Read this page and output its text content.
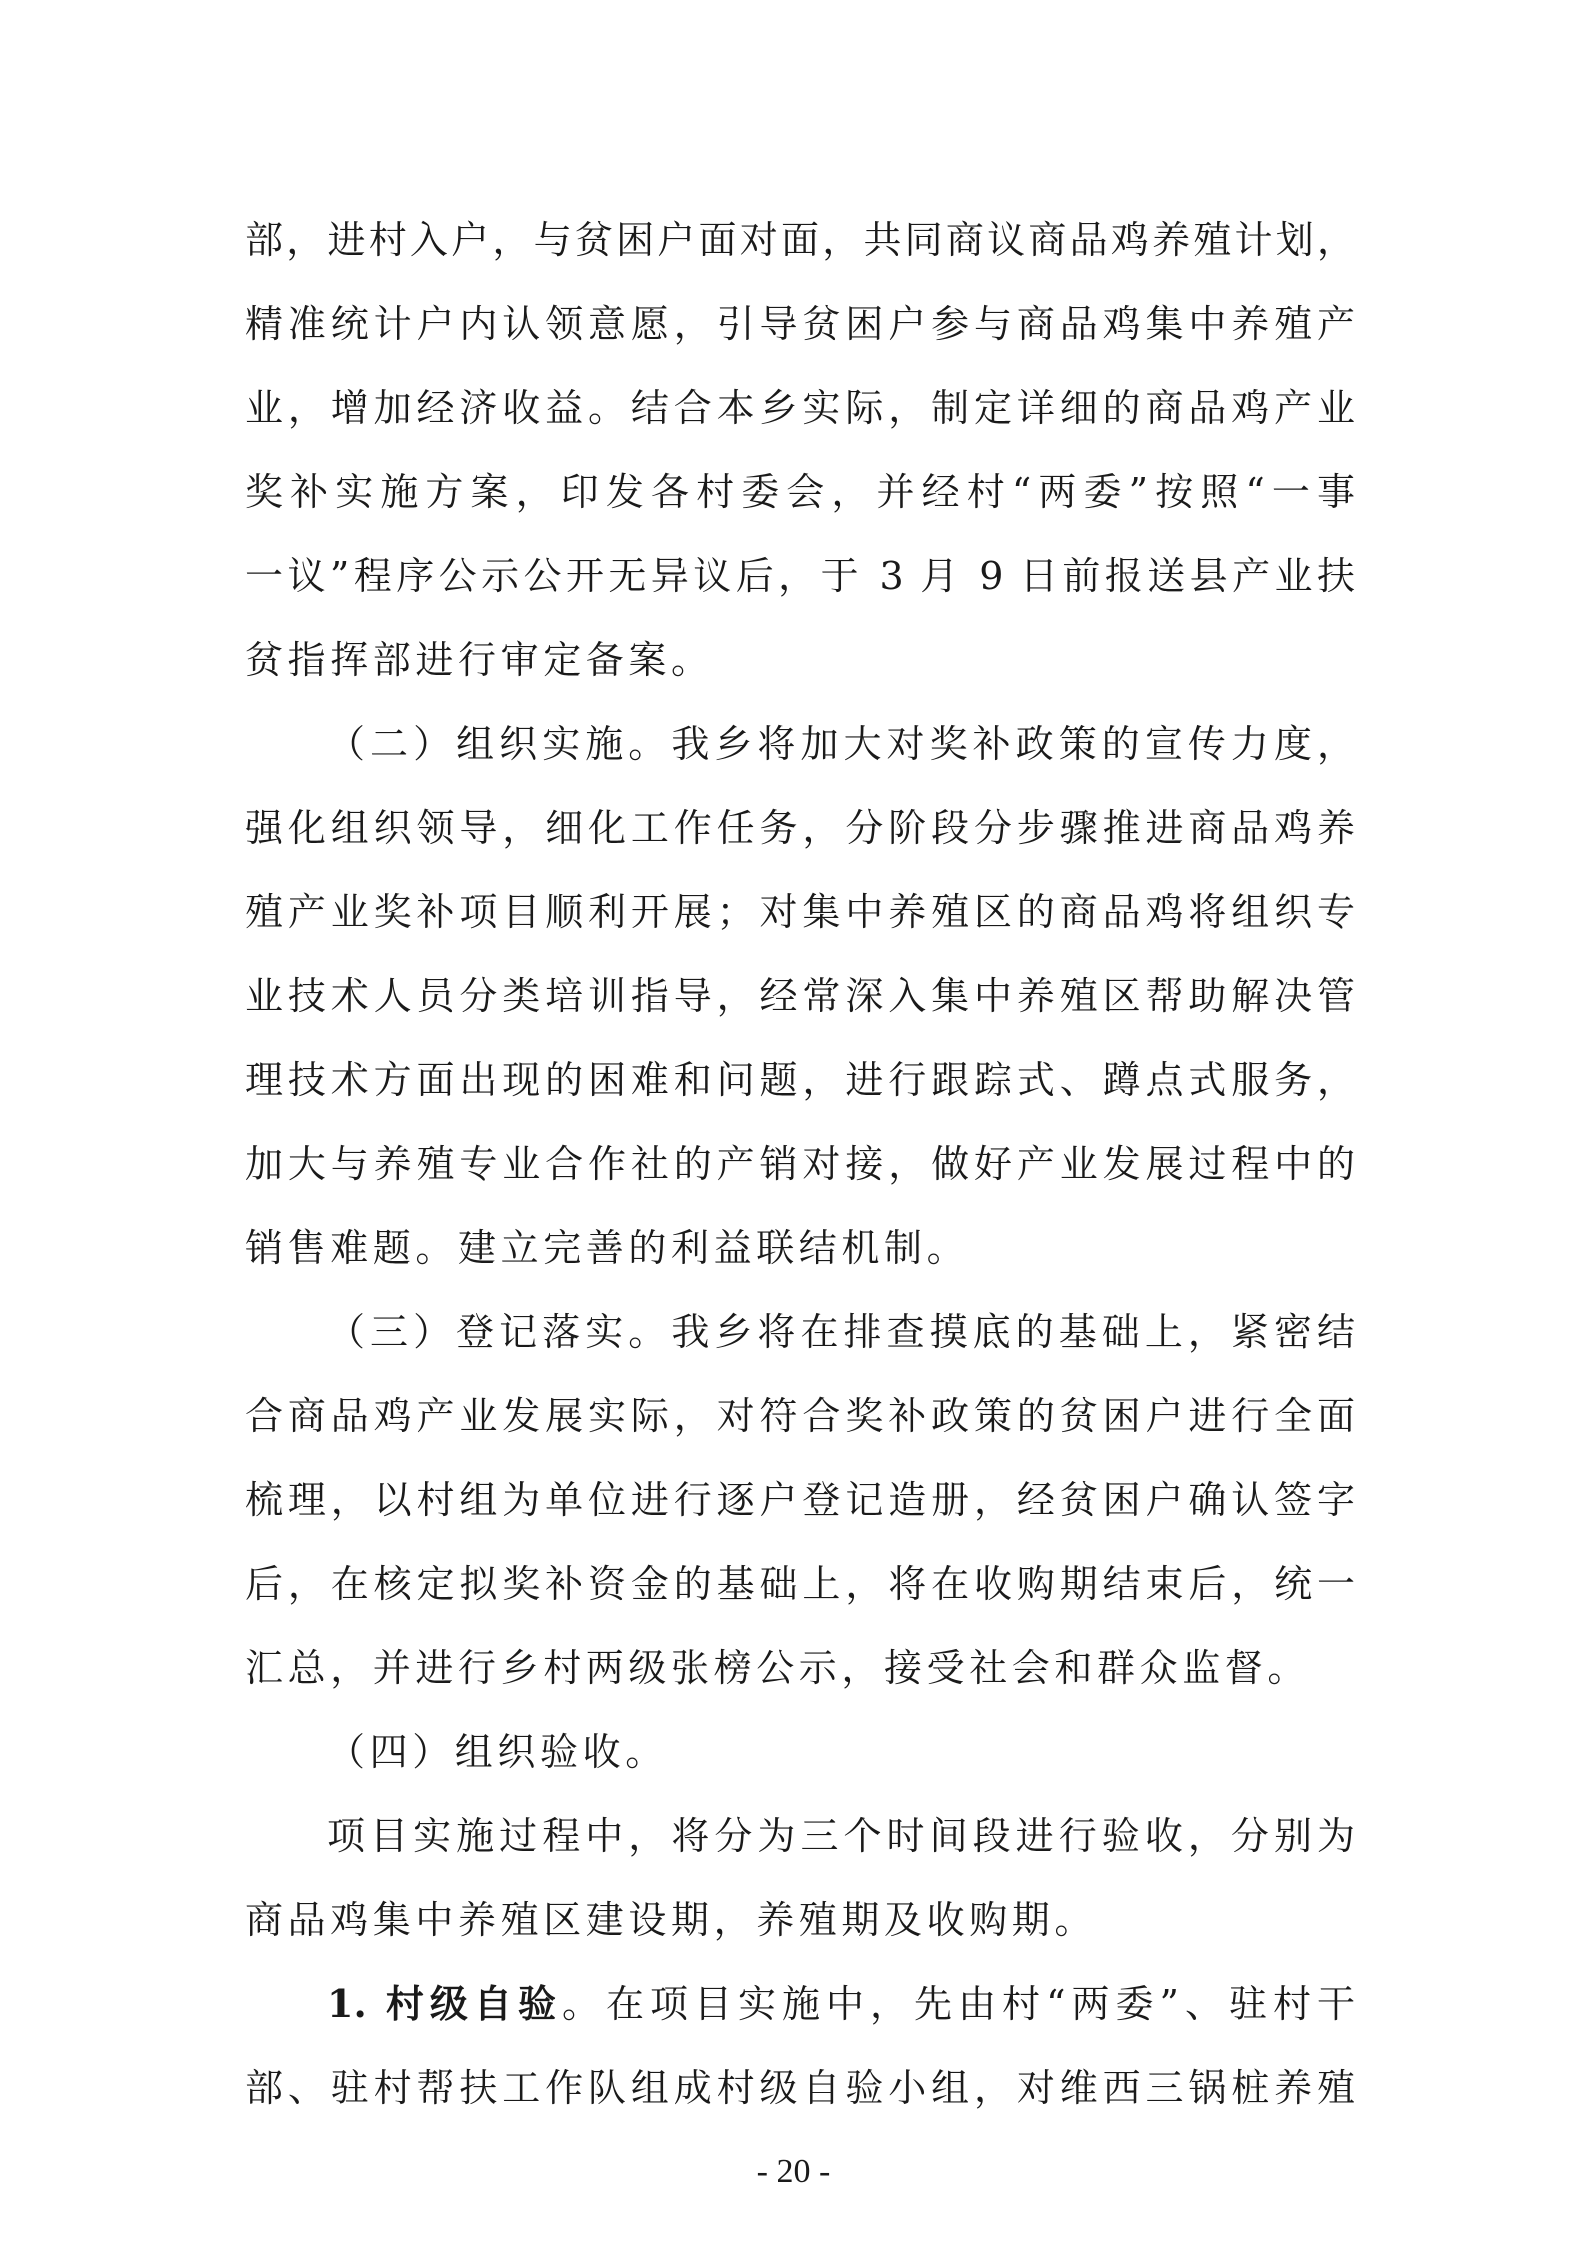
部，进村入户，与贫困户面对面，共同商议商品鸡养殖计划，
精准统计户内认领意愿，引导贫困户参与商品鸡集中养殖产
业，增加经济收益。结合本乡实际，制定详细的商品鸡产业
奖补实施方案，印发各村委会，并经村“两委”按照“一事
一议”程序公示公开无异议后，于 3 月 9 日前报送县产业扶
贫指挥部进行审定备案。
（二）组织实施。我乡将加大对奖补政策的宣传力度，
强化组织领导，细化工作任务，分阶段分步骤推进商品鸡养
殖产业奖补项目顺利开展；对集中养殖区的商品鸡将组织专
业技术人员分类培训指导，经常深入集中养殖区帮助解决管
理技术方面出现的困难和问题，进行跟踪式、蹲点式服务，
加大与养殖专业合作社的产销对接，做好产业发展过程中的
销售难题。建立完善的利益联结机制。
（三）登记落实。我乡将在排查摸底的基础上，紧密结
合商品鸡产业发展实际，对符合奖补政策的贫困户进行全面
梳理，以村组为单位进行逐户登记造册，经贫困户确认签字
后，在核定拟奖补资金的基础上，将在收购期结束后，统一
汇总，并进行乡村两级张榜公示，接受社会和群众监督。
（四）组织验收。
项目实施过程中，将分为三个时间段进行验收，分别为
商品鸡集中养殖区建设期，养殖期及收购期。
1. 村级自验。在项目实施中，先由村“两委”、驻村干
部、驻村帮扶工作队组成村级自验小组，对维西三锅桩养殖
- 20 -
